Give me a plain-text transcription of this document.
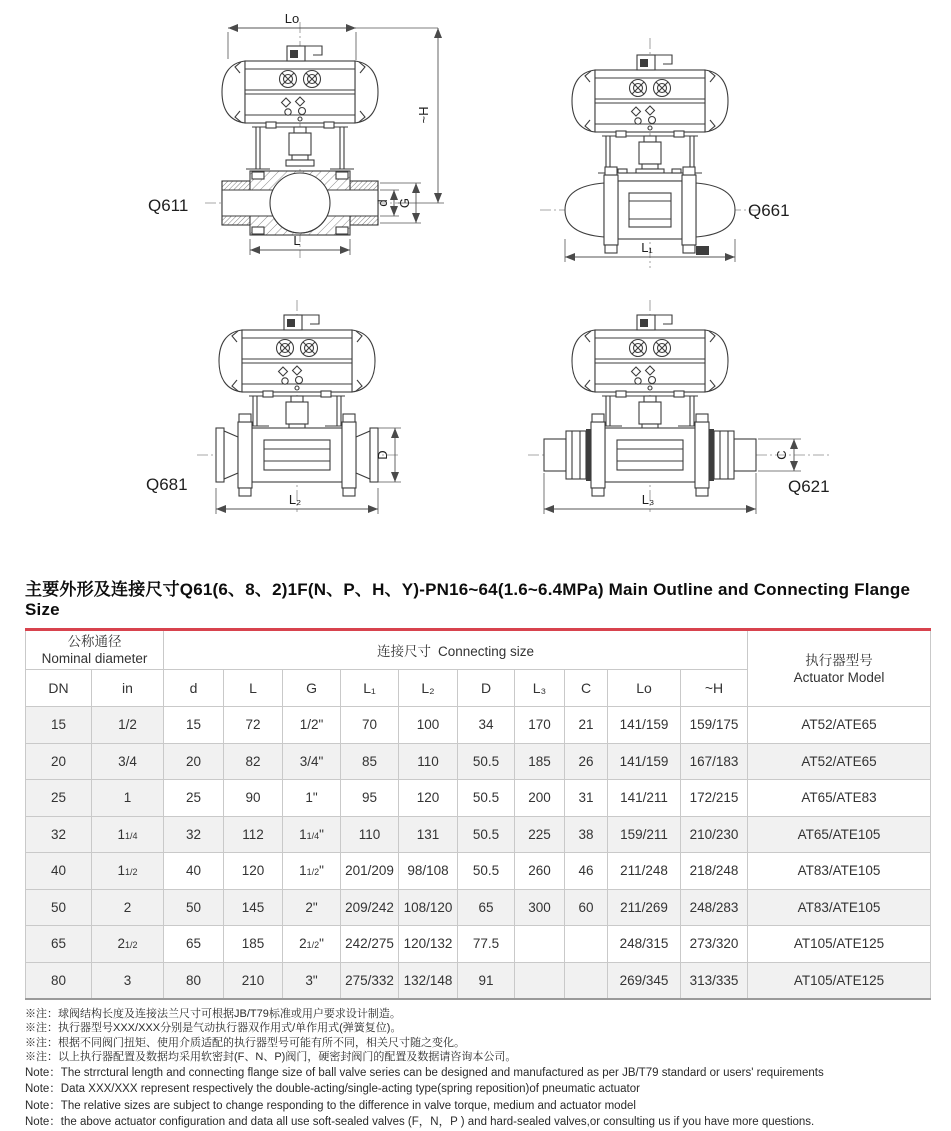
Lo
~H
d G
L
Q611
L₁
Q661
D
L₂
Q681
L₃
C
Q621
主要外形及连接尺寸Q61(6、8、2)1F(N、P、H、Y)-PN16~64(1.6~6.4MPa) Main Outline and Connecting Flange Size
公称通径
Nominal diameter	连接尺寸 Connecting size	
执行器型号
Actuator Model

DN	in	d	L	G	L₁	L₂	D	L₃	C	Lo	~H	
15	1/2	15	72	1/2"	70	100	34	170	21	141/159	159/175	AT52/ATE65
20	3/4	20	82	3/4"	85	110	50.5	185	26	141/159	167/183	AT52/ATE65
25	1	25	90	1"	95	120	50.5	200	31	141/211	172/215	AT65/ATE83
32	11/4	32	112	11/4"	110	131	50.5	225	38	159/211	210/230	AT65/ATE105
40	11/2	40	120	11/2"	201/209	98/108	50.5	260	46	211/248	218/248	AT83/ATE105
50	2	50	145	2"	209/242	108/120	65	300	60	211/269	248/283	AT83/ATE105
65	21/2	65	185	21/2"	242/275	120/132	77.5			248/315	273/320	AT105/ATE125
80	3	80	210	3"	275/332	132/148	91			269/345	313/335	AT105/ATE125
※注：球阀结构长度及连接法兰尺寸可根据JB/T79标准或用户要求设计制造。
※注：执行器型号XXX/XXX分别是气动执行器双作用式/单作用式(弹簧复位)。
※注：根据不同阀门扭矩、使用介质适配的执行器型号可能有所不同，相关尺寸随之变化。
※注：以上执行器配置及数据均采用软密封(F、N、P)阀门，硬密封阀门的配置及数据请咨询本公司。
Note：The strrctural length and connecting flange size of ball valve series can be designed and manufactured as per JB/T79 standard or users' requirements
Note：Data XXX/XXX represent respectively the double-acting/single-acting type(spring reposition)of pneumatic actuator
Note：The relative sizes are subject to change responding to the difference in valve torque, medium and actuator model
Note：the above actuator configuration and data all use soft-sealed valves (F，N，P ) and hard-sealed valves,or consulting us if you have more questions.
